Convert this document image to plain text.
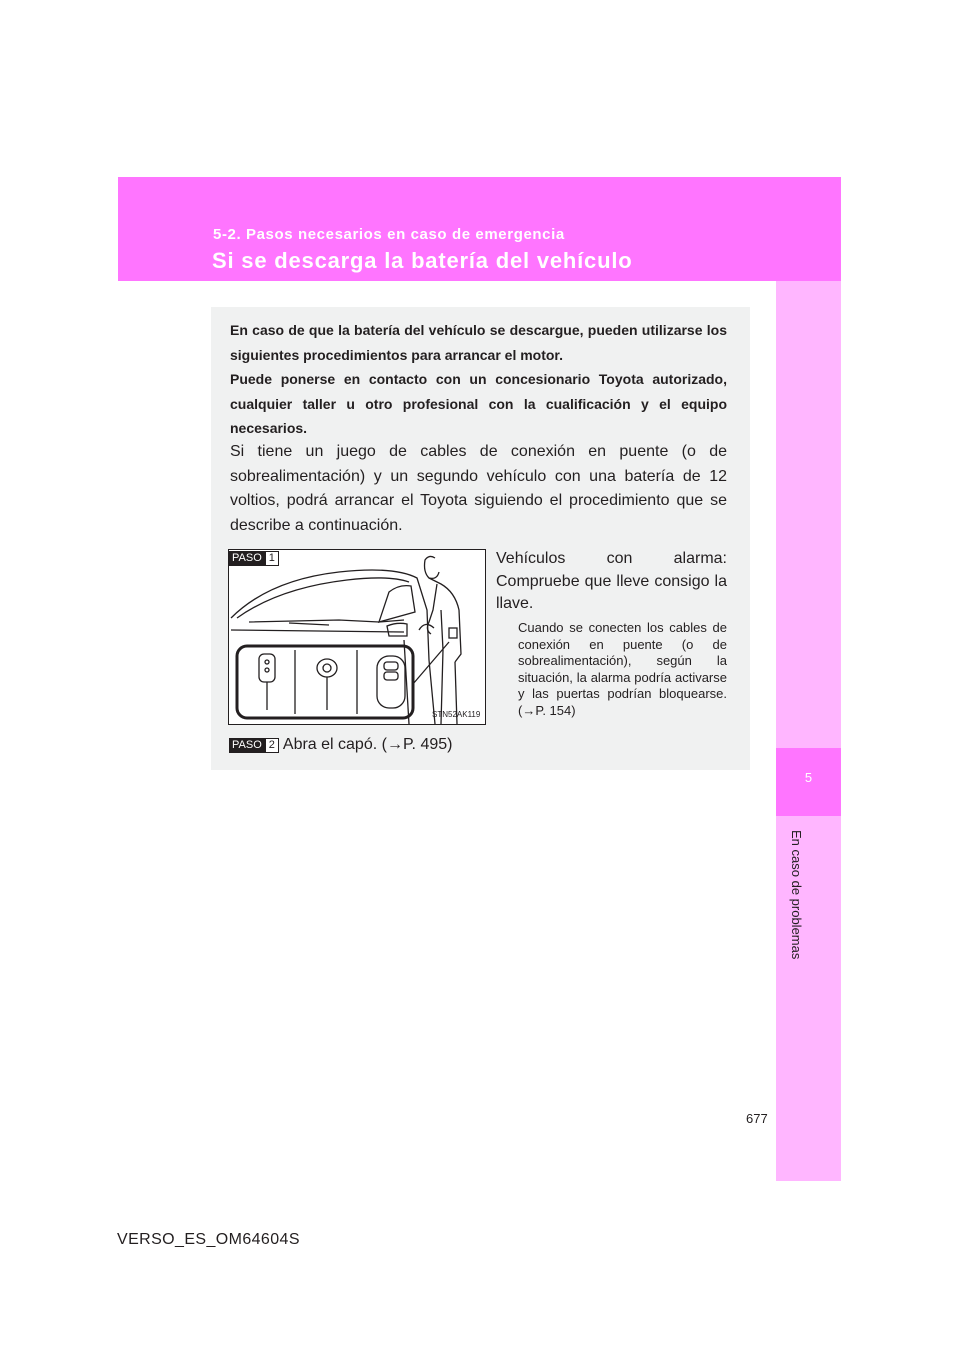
5-2. Pasos necesarios en caso de emergencia
Si se descarga la batería del vehículo
5
En caso de problemas

En caso de que la batería del vehículo se descargue, pueden utilizarse los siguientes procedimientos para arrancar el motor.

Puede ponerse en contacto con un concesionario Toyota autorizado, cualquier taller u otro profesional con la cualificación y el equipo necesarios.

Si tiene un juego de cables de conexión en puente (o de sobrealimentación) y un segundo vehículo con una batería de 12 voltios, podrá arrancar el Toyota siguiendo el procedimiento que se describe a continuación.

PASO 1
STN52AK119

Vehículos con alarma: Compruebe que lleve consigo la llave.

Cuando se conecten los cables de conexión en puente (o de sobrealimentación), según la situación, la alarma podría activarse y las puertas podrían bloquearse. (→P. 154)

PASO 2 Abra el capó. (→P. 495)
677
VERSO_ES_OM64604S
